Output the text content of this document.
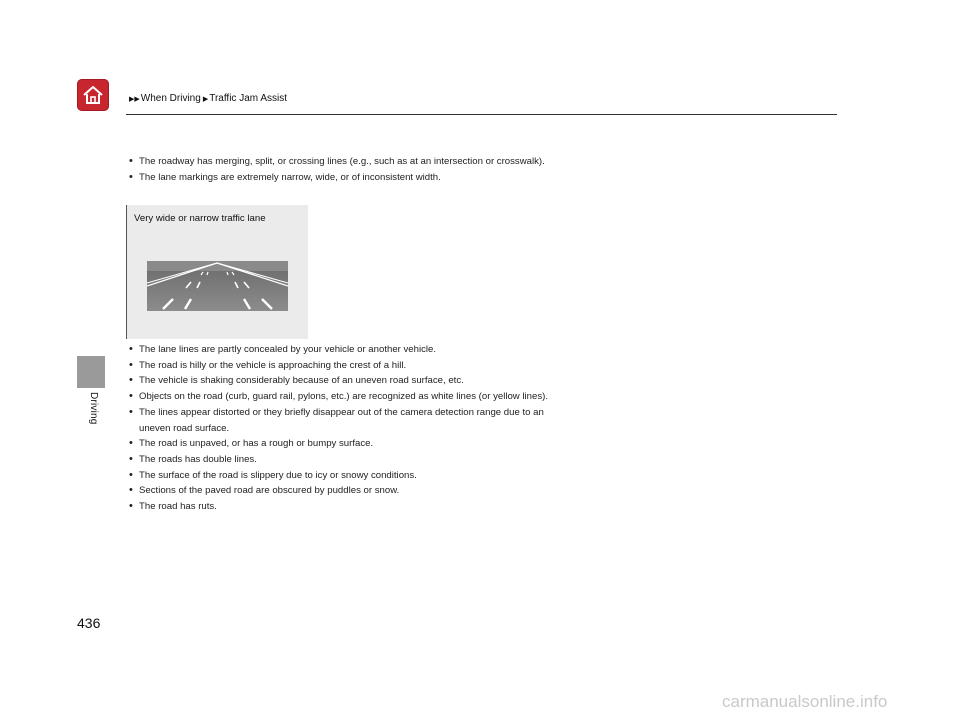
▶▶ When Driving ▶ Traffic Jam Assist
Driving
• The roadway has merging, split, or crossing lines (e.g., such as at an intersection or crosswalk).
• The lane markings are extremely narrow, wide, or of inconsistent width.
Very wide or narrow traffic lane
• The lane lines are partly concealed by your vehicle or another vehicle.
• The road is hilly or the vehicle is approaching the crest of a hill.
• The vehicle is shaking considerably because of an uneven road surface, etc.
• Objects on the road (curb, guard rail, pylons, etc.) are recognized as white lines (or yellow lines).
• The lines appear distorted or they briefly disappear out of the camera detection range due to an uneven road surface.
• The road is unpaved, or has a rough or bumpy surface.
• The roads has double lines.
• The surface of the road is slippery due to icy or snowy conditions.
• Sections of the paved road are obscured by puddles or snow.
• The road has ruts.
436
carmanualsonline.info
